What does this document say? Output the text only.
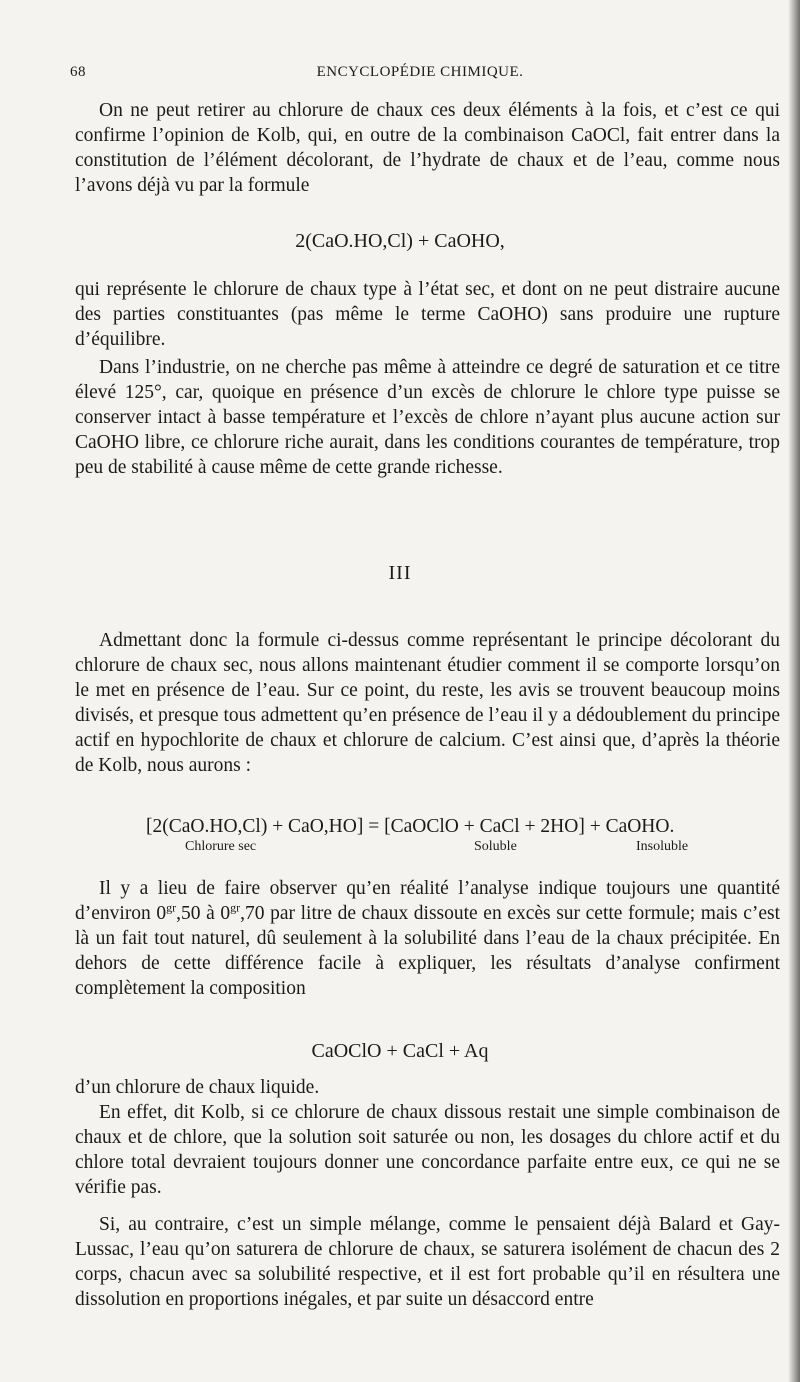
68	ENCYCLOPÉDIE CHIMIQUE.

On ne peut retirer au chlorure de chaux ces deux éléments à la fois, et c’est ce qui confirme l’opinion de Kolb, qui, en outre de la combinaison CaOCl, fait entrer dans la constitution de l’élément décolorant, de l’hydrate de chaux et de l’eau, comme nous l’avons déjà vu par la formule

2(CaO.HO,Cl) + CaOHO,

qui représente le chlorure de chaux type à l’état sec, et dont on ne peut distraire aucune des parties constituantes (pas même le terme CaOHO) sans produire une rupture d’équilibre.

Dans l’industrie, on ne cherche pas même à atteindre ce degré de saturation et ce titre élevé 125°, car, quoique en présence d’un excès de chlorure le chlore type puisse se conserver intact à basse température et l’excès de chlore n’ayant plus aucune action sur CaOHO libre, ce chlorure riche aurait, dans les conditions courantes de température, trop peu de stabilité à cause même de cette grande richesse.

III

Admettant donc la formule ci-dessus comme représentant le principe décolorant du chlorure de chaux sec, nous allons maintenant étudier comment il se comporte lorsqu’on le met en présence de l’eau. Sur ce point, du reste, les avis se trouvent beaucoup moins divisés, et presque tous admettent qu’en présence de l’eau il y a dédoublement du principe actif en hypochlorite de chaux et chlorure de calcium. C’est ainsi que, d’après la théorie de Kolb, nous aurons :

[2(CaO.HO,Cl) + CaO,HO] = [CaOClO + CaCl + 2HO] + CaOHO.
Chlorure sec	Soluble	Insoluble

Il y a lieu de faire observer qu’en réalité l’analyse indique toujours une quantité d’environ $0^{gr},50$ à $0^{gr},70$ par litre de chaux dissoute en excès sur cette formule; mais c’est là un fait tout naturel, dû seulement à la solubilité dans l’eau de la chaux précipitée. En dehors de cette différence facile à expliquer, les résultats d’analyse confirment complètement la composition

CaOClO + CaCl + Aq

d’un chlorure de chaux liquide.

En effet, dit Kolb, si ce chlorure de chaux dissous restait une simple combinaison de chaux et de chlore, que la solution soit saturée ou non, les dosages du chlore actif et du chlore total devraient toujours donner une concordance parfaite entre eux, ce qui ne se vérifie pas.

Si, au contraire, c’est un simple mélange, comme le pensaient déjà Balard et Gay-Lussac, l’eau qu’on saturera de chlorure de chaux, se saturera isolément de chacun des 2 corps, chacun avec sa solubilité respective, et il est fort probable qu’il en résultera une dissolution en proportions inégales, et par suite un désaccord entre
